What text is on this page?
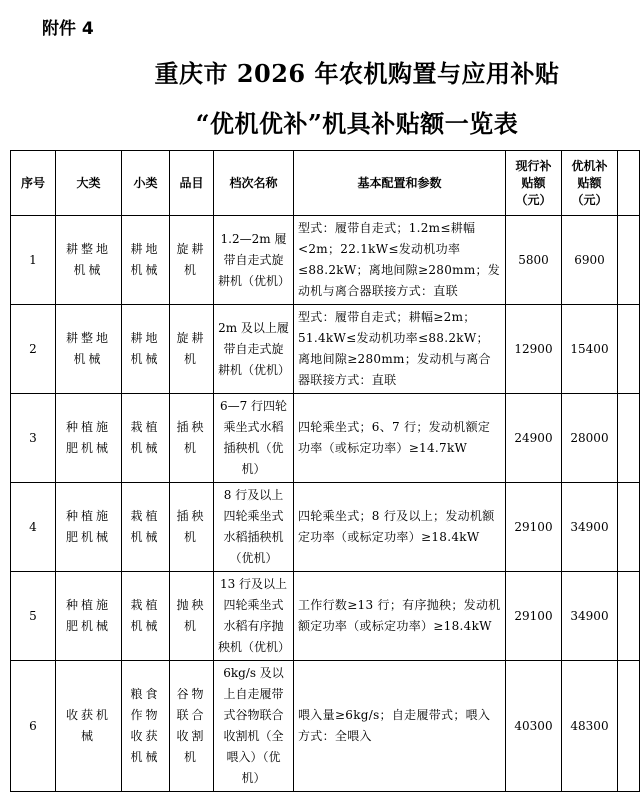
附件 4
重庆市 2026 年农机购置与应用补贴
“优机优补”机具补贴额一览表
序号	大类	小类	品目	档次名称	基本配置和参数	现行补贴额（元）	优机补贴额（元）	
1	耕整地机械	耕地机械	旋耕机	1.2—2m 履带自走式旋耕机（优机）	型式：履带自走式；1.2m≤耕幅<2m；22.1kW≤发动机功率≤88.2kW；离地间隙≥280mm；发动机与离合器联接方式：直联	5800	6900	
2	耕整地机械	耕地机械	旋耕机	2m 及以上履带自走式旋耕机（优机）	型式：履带自走式；耕幅≥2m；51.4kW≤发动机功率≤88.2kW；离地间隙≥280mm；发动机与离合器联接方式：直联	12900	15400	
3	种植施肥机械	栽植机械	插秧机	6—7 行四轮乘坐式水稻插秧机（优机）	四轮乘坐式；6、7 行；发动机额定功率（或标定功率）≥14.7kW	24900	28000	
4	种植施肥机械	栽植机械	插秧机	8 行及以上四轮乘坐式水稻插秧机（优机）	四轮乘坐式；8 行及以上；发动机额定功率（或标定功率）≥18.4kW	29100	34900	
5	种植施肥机械	栽植机械	抛秧机	13 行及以上四轮乘坐式水稻有序抛秧机（优机）	工作行数≥13 行；有序抛秧；发动机额定功率（或标定功率）≥18.4kW	29100	34900	
6	收获机械	粮食作物收获机械	谷物联合收割机	6kg/s 及以上自走履带式谷物联合收割机（全喂入）（优机）	喂入量≥6kg/s；自走履带式；喂入方式：全喂入	40300	48300	
